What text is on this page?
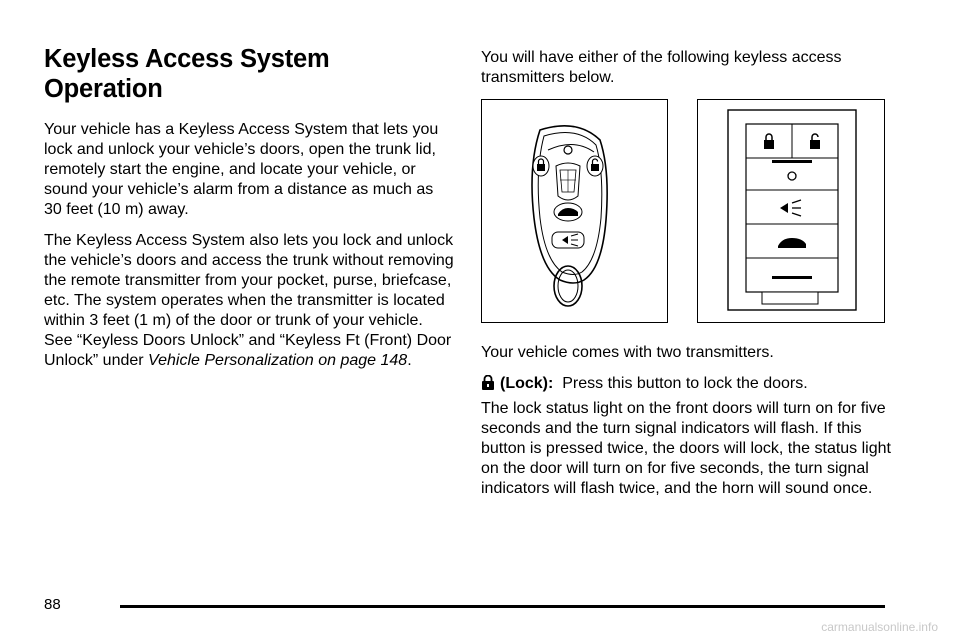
Keyless Access System Operation

Your vehicle has a Keyless Access System that lets you lock and unlock your vehicle’s doors, open the trunk lid, remotely start the engine, and locate your vehicle, or sound your vehicle’s alarm from a distance as much as 30 feet (10 m) away.

The Keyless Access System also lets you lock and unlock the vehicle’s doors and access the trunk without removing the remote transmitter from your pocket, purse, briefcase, etc. The system operates when the transmitter is located within 3 feet (1 m) of the door or trunk of your vehicle. See “Keyless Doors Unlock” and “Keyless Ft (Front) Door Unlock” under Vehicle Personalization on page 148.

You will have either of the following keyless access transmitters below.

Your vehicle comes with two transmitters.

(Lock): Press this button to lock the doors.

The lock status light on the front doors will turn on for five seconds and the turn signal indicators will flash. If this button is pressed twice, the doors will lock, the status light on the door will turn on for five seconds, the turn signal indicators will flash twice, and the horn will sound once.

88
carmanualsonline.info
